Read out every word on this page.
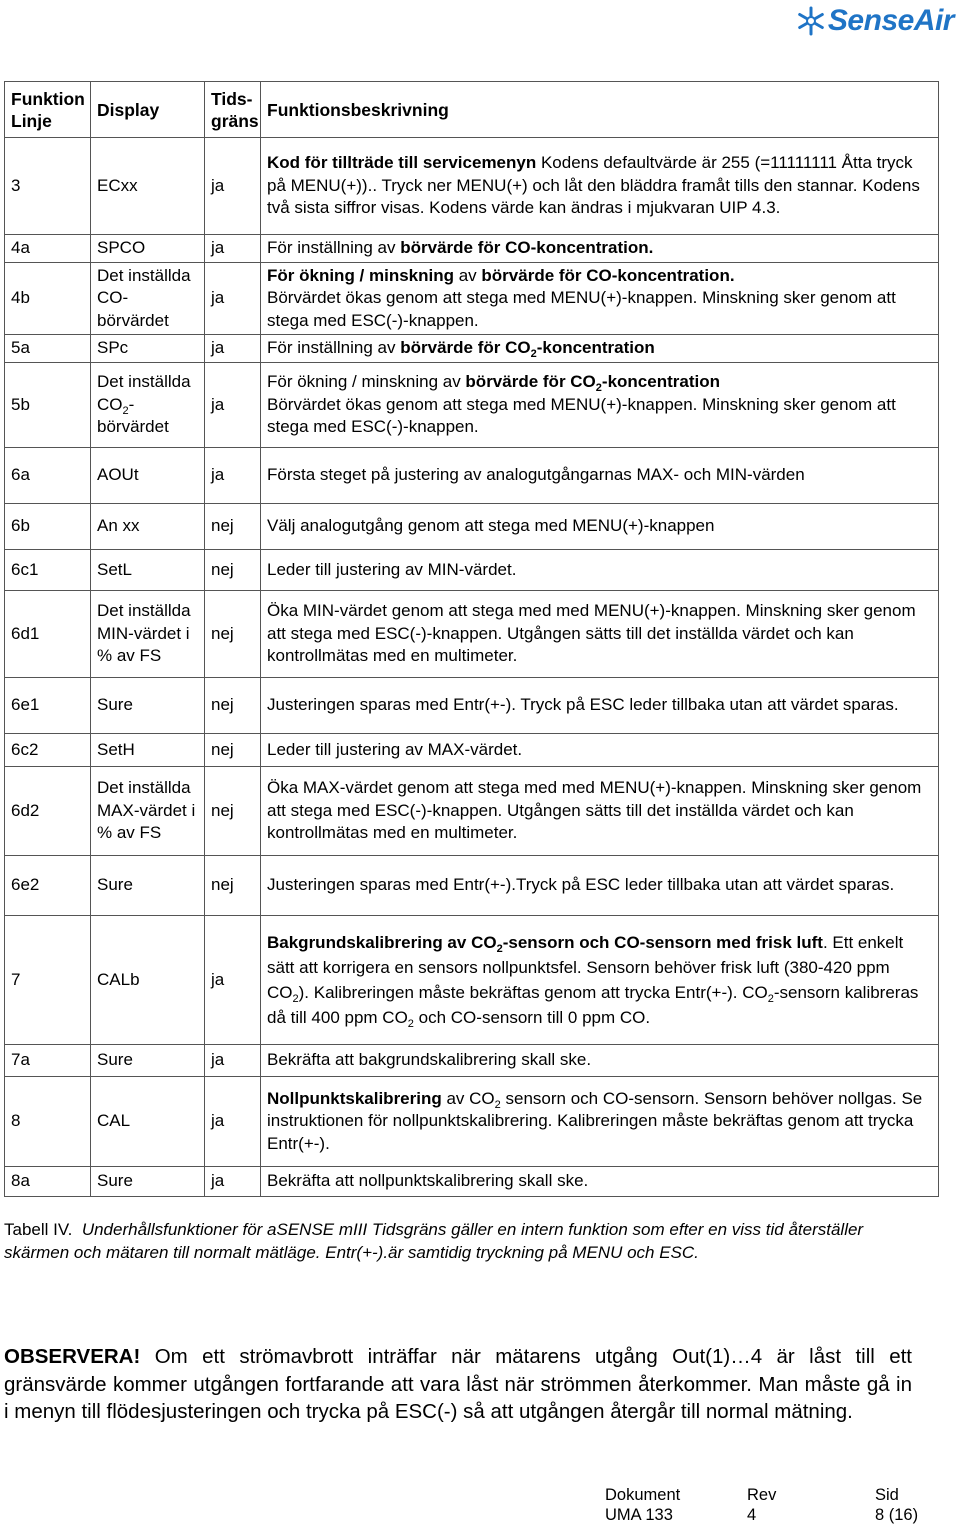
SenseAir
Funktion Linje	Display	Tids-gräns	Funktionsbeskrivning
3	ECxx	ja	Kod för tillträde till servicemenyn Kodens defaultvärde är 255 (=11111111 Åtta tryck på MENU(+)).. Tryck ner MENU(+) och låt den bläddra framåt tills den stannar. Kodens två sista siffror visas. Kodens värde kan ändras i mjukvaran UIP 4.3.
4a	SPCO	ja	För inställning av börvärde för CO-koncentration.
4b	Det inställda CO-börvärdet	ja	För ökning / minskning av börvärde för CO-koncentration.
Börvärdet ökas genom att stega med MENU(+)-knappen. Minskning sker genom att stega med ESC(-)-knappen.
5a	SPc	ja	För inställning av börvärde för $CO_2$-koncentration
5b	Det inställda $CO_2$-börvärdet	ja	För ökning / minskning av börvärde för $CO_2$-koncentration
Börvärdet ökas genom att stega med MENU(+)-knappen. Minskning sker genom att stega med ESC(-)-knappen.
6a	AOUt	ja	Första steget på justering av analogutgångarnas MAX- och MIN-värden
6b	An xx	nej	Välj analogutgång genom att stega med MENU(+)-knappen
6c1	SetL	nej	Leder till justering av MIN-värdet.
6d1	Det inställda MIN-värdet i % av FS	nej	Öka MIN-värdet genom att stega med med MENU(+)-knappen. Minskning sker genom att stega med ESC(-)-knappen. Utgången sätts till det inställda värdet och kan kontrollmätas med en multimeter.
6e1	Sure	nej	Justeringen sparas med Entr(+-). Tryck på ESC leder tillbaka utan att värdet sparas.
6c2	SetH	nej	Leder till justering av MAX-värdet.
6d2	Det inställda MAX-värdet i % av FS	nej	Öka MAX-värdet genom att stega med med MENU(+)-knappen. Minskning sker genom att stega med ESC(-)-knappen. Utgången sätts till det inställda värdet och kan kontrollmätas med en multimeter.
6e2	Sure	nej	Justeringen sparas med Entr(+-).Tryck på ESC leder tillbaka utan att värdet sparas.
7	CALb	ja	Bakgrundskalibrering av $CO_2$-sensorn och CO-sensorn med frisk luft. Ett enkelt sätt att korrigera en sensors nollpunktsfel. Sensorn behöver frisk luft (380-420 ppm $CO_2$). Kalibreringen måste bekräftas genom att trycka Entr(+-). $CO_2$-sensorn kalibreras då till 400 ppm $CO_2$ och CO-sensorn till 0 ppm CO.
7a	Sure	ja	Bekräfta att bakgrundskalibrering skall ske.
8	CAL	ja	Nollpunktskalibrering av $CO_2$ sensorn och CO-sensorn. Sensorn behöver nollgas. Se instruktionen för nollpunktskalibrering. Kalibreringen måste bekräftas genom att trycka Entr(+-).
8a	Sure	ja	Bekräfta att nollpunktskalibrering skall ske.
Tabell IV. Underhållsfunktioner för aSENSE mIII Tidsgräns gäller en intern funktion som efter en viss tid återställer skärmen och mätaren till normalt mätläge. Entr(+-).är samtidig tryckning på MENU och ESC.
OBSERVERA! Om ett strömavbrott inträffar när mätarens utgång Out(1)…4 är låst till ett gränsvärde kommer utgången fortfarande att vara låst när strömmen återkommer. Man måste gå in i menyn till flödesjusteringen och trycka på ESC(-) så att utgången återgår till normal mätning.
Dokument
UMA 133
Rev
4
Sid
8 (16)
